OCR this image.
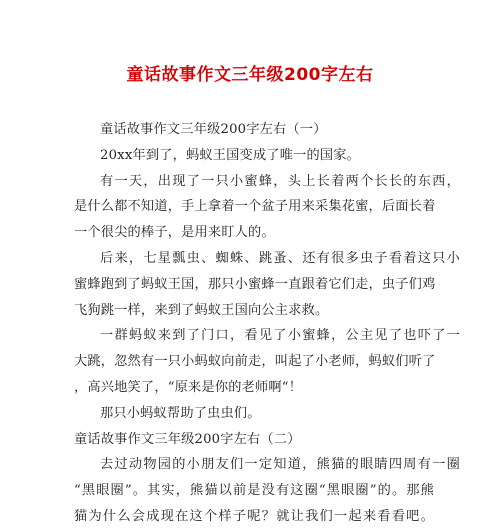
童话故事作文三年级200字左右
童话故事作文三年级200字左右（一）
20xx年到了，蚂蚁王国变成了唯一的国家。
有一天，出现了一只小蜜蜂，头上长着两个长长的东西，
是什么都不知道，手上拿着一个盆子用来采集花蜜，后面长着
一个很尖的棒子，是用来盯人的。
后来，七星瓢虫、蜘蛛、跳蚤、还有很多虫子看着这只小
蜜蜂跑到了蚂蚁王国，那只小蜜蜂一直跟着它们走，虫子们鸡
飞狗跳一样，来到了蚂蚁王国向公主求救。
一群蚂蚁来到了门口，看见了小蜜蜂，公主见了也吓了一
大跳，忽然有一只小蚂蚁向前走，叫起了小老师，蚂蚁们听了
，高兴地笑了，“原来是你的老师啊“！
那只小蚂蚁帮助了虫虫们。
童话故事作文三年级200字左右（二）
去过动物园的小朋友们一定知道，熊猫的眼睛四周有一圈
“黑眼圈”。其实，熊猫以前是没有这圈“黑眼圈”的。那熊
猫为什么会成现在这个样子呢？就让我们一起来看看吧。
